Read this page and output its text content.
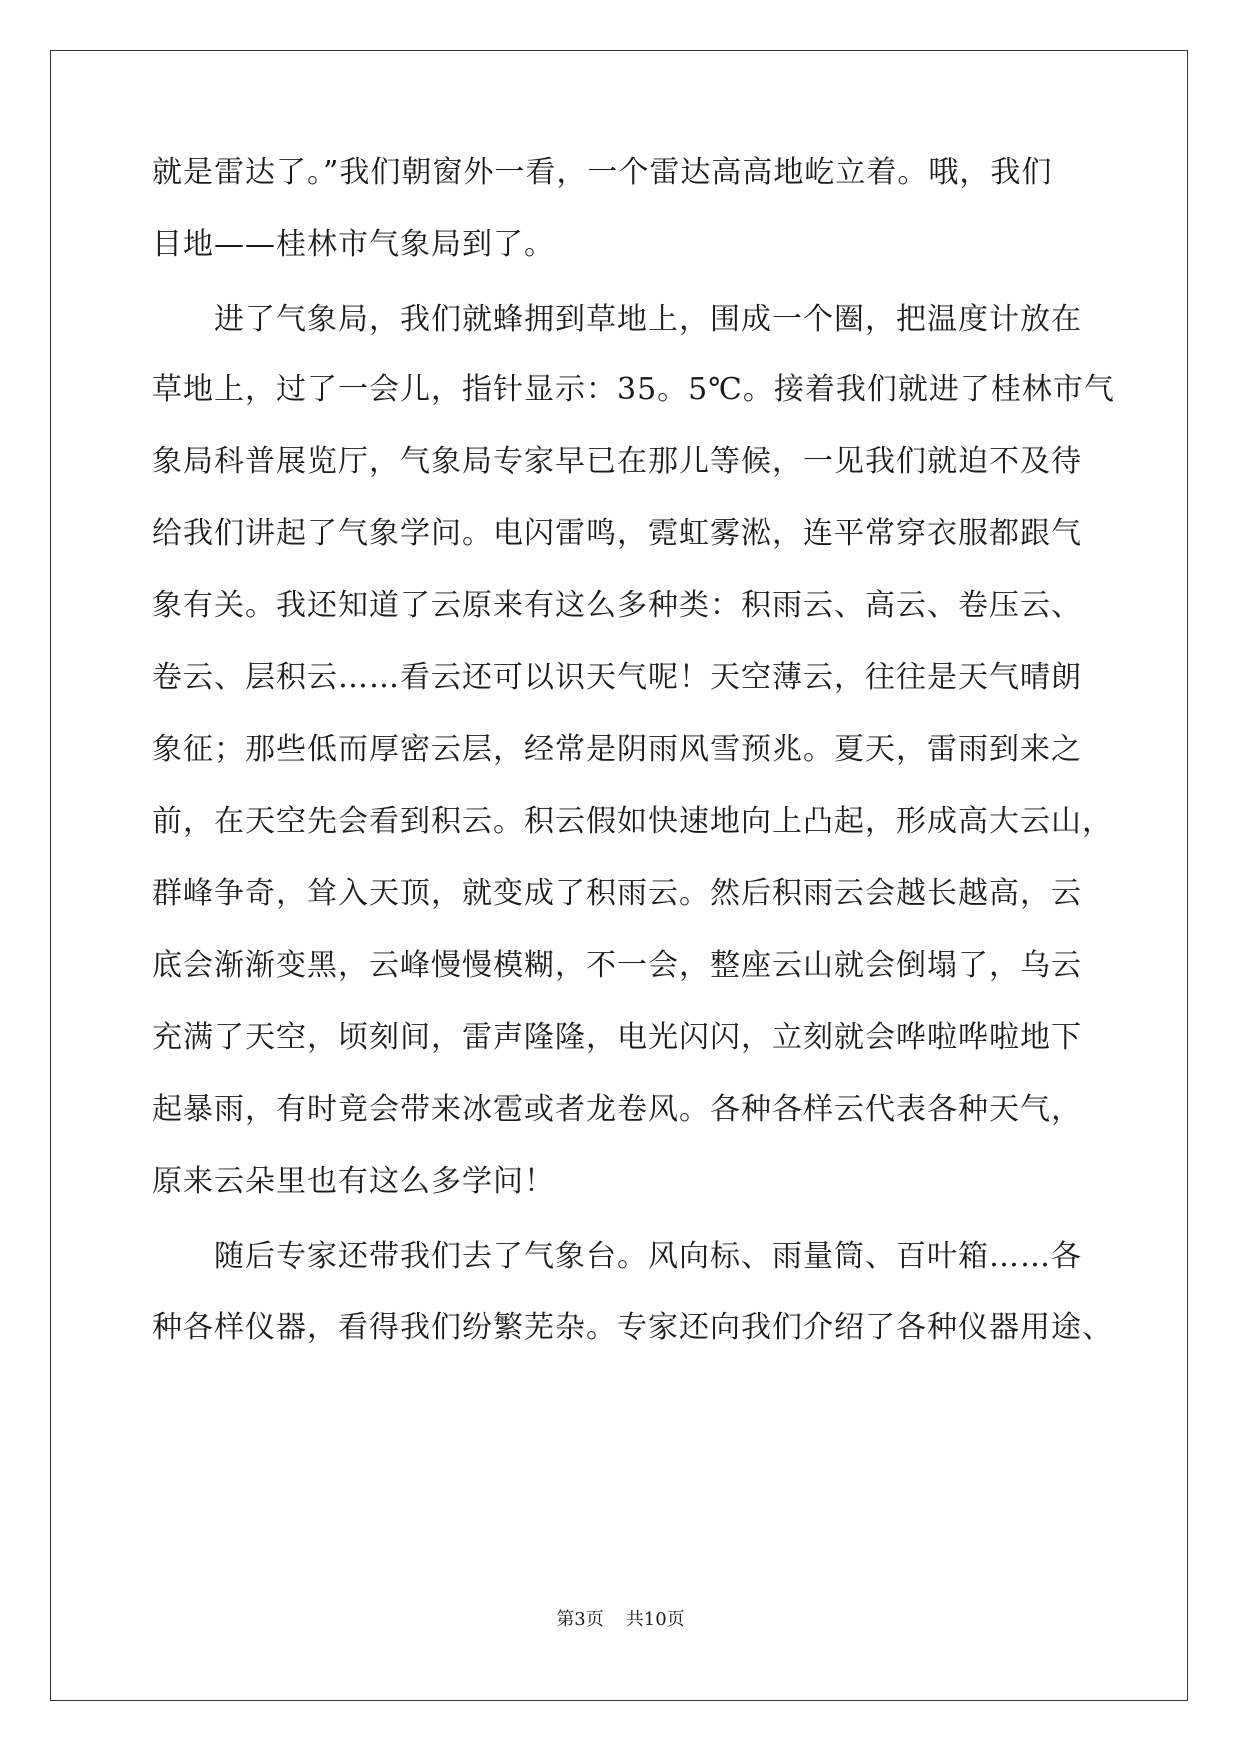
就是雷达了。”我们朝窗外一看，一个雷达高高地屹立着。哦，我们
目地——桂林市气象局到了。
进了气象局，我们就蜂拥到草地上，围成一个圈，把温度计放在
草地上，过了一会儿，指针显示：35。5℃。接着我们就进了桂林市气
象局科普展览厅，气象局专家早已在那儿等候，一见我们就迫不及待
给我们讲起了气象学问。电闪雷鸣，霓虹雾淞，连平常穿衣服都跟气
象有关。我还知道了云原来有这么多种类：积雨云、高云、卷压云、
卷云、层积云……看云还可以识天气呢！天空薄云，往往是天气晴朗
象征；那些低而厚密云层，经常是阴雨风雪预兆。夏天，雷雨到来之
前，在天空先会看到积云。积云假如快速地向上凸起，形成高大云山，
群峰争奇，耸入天顶，就变成了积雨云。然后积雨云会越长越高，云
底会渐渐变黑，云峰慢慢模糊，不一会，整座云山就会倒塌了，乌云
充满了天空，顷刻间，雷声隆隆，电光闪闪，立刻就会哗啦哗啦地下
起暴雨，有时竟会带来冰雹或者龙卷风。各种各样云代表各种天气，
原来云朵里也有这么多学问！
随后专家还带我们去了气象台。风向标、雨量筒、百叶箱……各
种各样仪器，看得我们纷繁芜杂。专家还向我们介绍了各种仪器用途、
第3页 共10页
